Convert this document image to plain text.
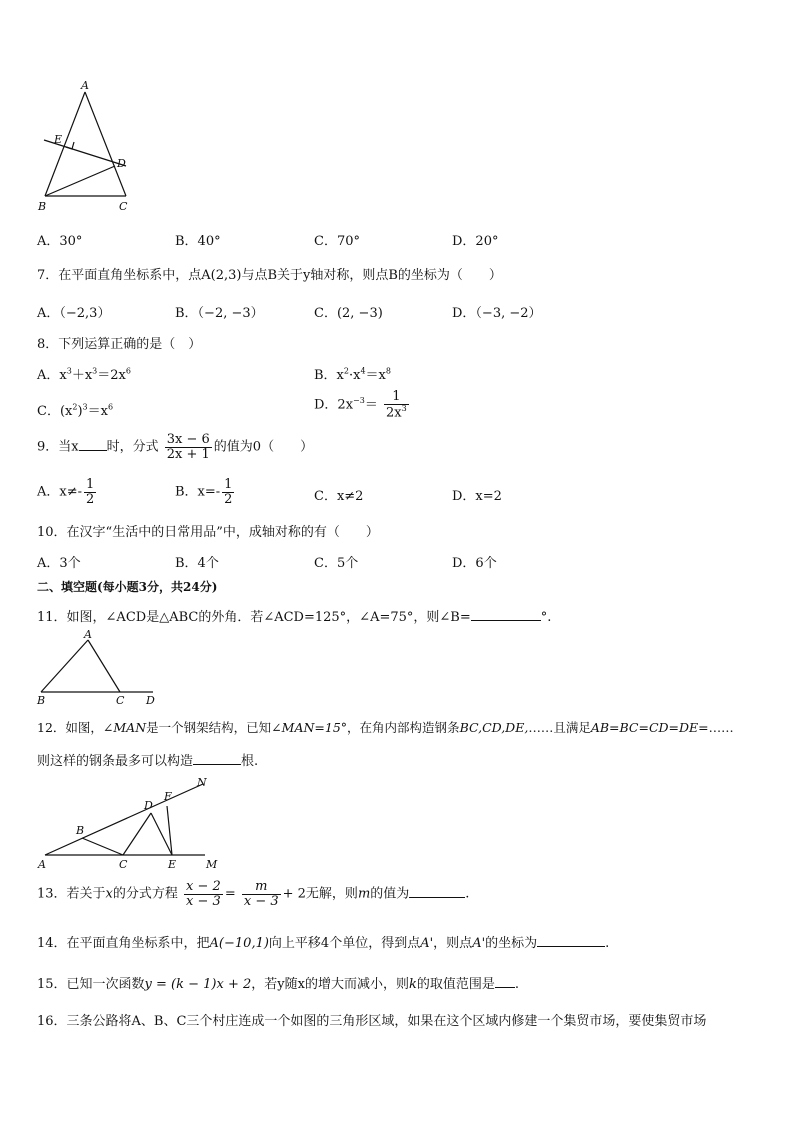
A
E
D
B	C
A．30°	B．40°	C．70°	D．20°
7．在平面直角坐标系中，点A(2,3)与点B关于y轴对称，则点B的坐标为（　　）
A．（−2,3）	B．（−2, −3）	C．(2, −3)	D．（−3, −2）
8．下列运算正确的是（　）
A．$x^3+x^3=2x^6$	B．$x^2\cdot x^4=x^8$
C．$(x^2)^3=x^6$	D．$2x^{-3}= \frac{1}{2x^3}$
9．当x 时，分式 $\frac{3x - 6}{2x + 1}$ 的值为0（　　）
A．$x\ne- \frac{1}{2}$	B．$x=- \frac{1}{2}$	C．x≠2	D．x=2
10．在汉字“生活中的日常用品”中，成轴对称的有（　　）
A．3个	B．4个	C．5个	D．6个
二、填空题(每小题3分，共24分)
11．如图，∠ACD是△ABC的外角．若∠ACD=125°，∠A=75°，则∠B=	°.
A
B	C D
12．如图，∠MAN是一个钢架结构，已知∠MAN=15°，在角内部构造钢条BC,CD,DE,……且满足AB=BC=CD=DE=……
则这样的钢条最多可以构造	根.
A
B
C
D
E
F
M
N
13．若关于x的分式方程 $\frac{x - 2}{x - 3} = \frac{m}{x - 3} + 2$无解，则m的值为	.
14．在平面直角坐标系中，把A(−10,1)向上平移4个单位，得到点A'，则点A'的坐标为	.
15．已知一次函数y = (k − 1)x + 2，若y随x的增大而减小，则k的取值范围是 .
16．三条公路将A、B、C三个村庄连成一个如图的三角形区域，如果在这个区域内修建一个集贸市场，要使集贸市场
